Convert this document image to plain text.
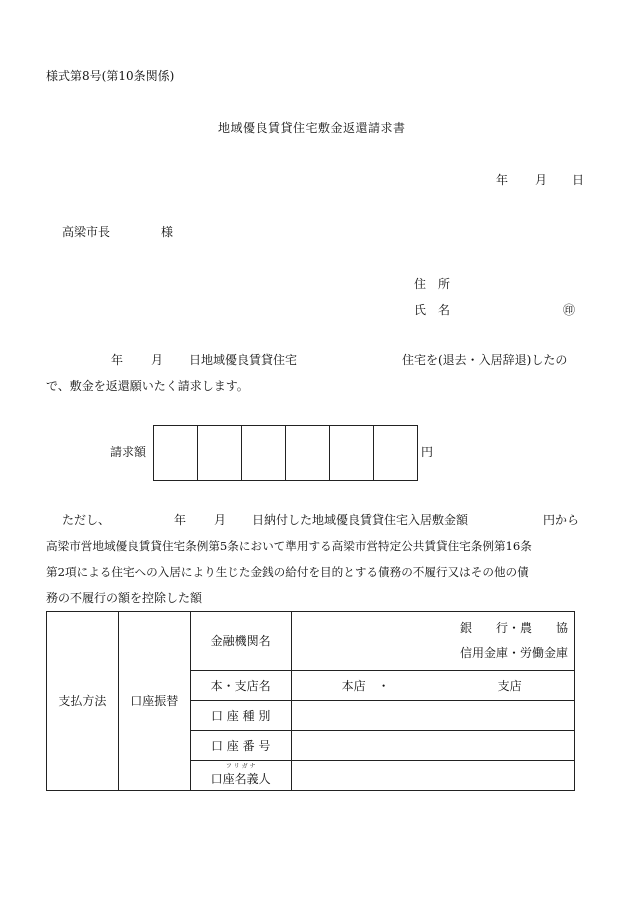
様式第8号(第10条関係)
地域優良賃貸住宅敷金返還請求書
年 月 日
高梁市長	様
住　所
氏　名	㊞
年 月 日地域優良賃貸住宅	住宅を(退去・入居辞退)したの
で、敷金を返還願いたく請求します。
請求額	円
ただし、	年 月 日納付した地域優良賃貸住宅入居敷金額	円から
高梁市営地域優良賃貸住宅条例第5条において準用する高梁市営特定公共賃貸住宅条例第16条
第2項による住宅への入居により生じた金銭の給付を目的とする債務の不履行又はその他の債
務の不履行の額を控除した額
支払方法	口座振替	金融機関名	銀　　行・農　　協
信用金庫・労働金庫

		本・支店名	本店　・ 支店

		口 座 種 別	
		口 座 番 号	

		フ リ ガ ナ
口座名義人	
